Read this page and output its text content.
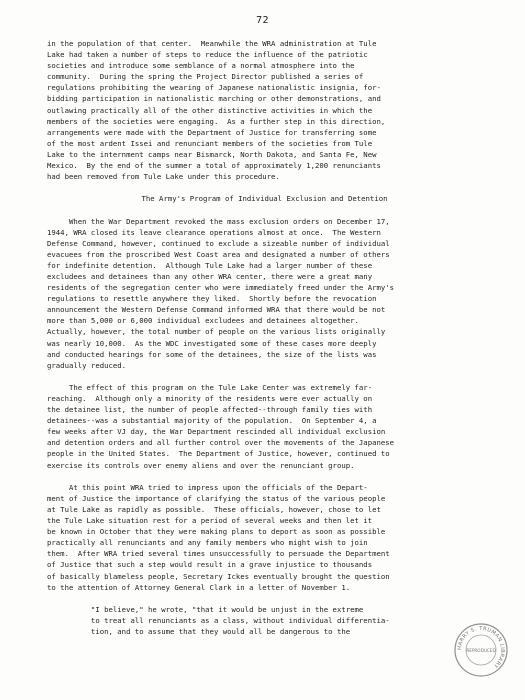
72
in the population of that center.  Meanwhile the WRA administration at Tule
Lake had taken a number of steps to reduce the influence of the patriotic
societies and introduce some semblance of a normal atmosphere into the
community.  During the spring the Project Director published a series of
regulations prohibiting the wearing of Japanese nationalistic insignia, for-
bidding participation in nationalistic marching or other demonstrations, and
outlawing practically all of the other distinctive activities in which the
members of the societies were engaging.  As a further step in this direction,
arrangements were made with the Department of Justice for transferring some
of the most ardent Issei and renunciant members of the societies from Tule
Lake to the internment camps near Bismarck, North Dakota, and Santa Fe, New
Mexico.  By the end of the summer a total of approximately 1,200 renunciants
had been removed from Tule Lake under this procedure.
The Army's Program of Individual Exclusion and Detention
When the War Department revoked the mass exclusion orders on December 17,
1944, WRA closed its leave clearance operations almost at once.  The Western
Defense Command, however, continued to exclude a sizeable number of individual
evacuees from the proscribed West Coast area and designated a number of others
for indefinite detention.  Although Tule Lake had a larger number of these
excludees and detainees than any other WRA center, there were a great many
residents of the segregation center who were immediately freed under the Army's
regulations to resettle anywhere they liked.  Shortly before the revocation
announcement the Western Defense Command informed WRA that there would be not
more than 5,000 or 6,000 individual excludees and detainees altogether.
Actually, however, the total number of people on the various lists originally
was nearly 10,000.  As the WDC investigated some of these cases more deeply
and conducted hearings for some of the detainees, the size of the lists was
gradually reduced.
The effect of this program on the Tule Lake Center was extremely far-
reaching.  Although only a minority of the residents were ever actually on
the detainee list, the number of people affected--through family ties with
detainees--was a substantial majority of the population.  On September 4, a
few weeks after VJ day, the War Department rescinded all individual exclusion
and detention orders and all further control over the movements of the Japanese
people in the United States.  The Department of Justice, however, continued to
exercise its controls over enemy aliens and over the renunciant group.
At this point WRA tried to impress upon the officials of the Depart-
ment of Justice the importance of clarifying the status of the various people
at Tule Lake as rapidly as possible.  These officials, however, chose to let
the Tule Lake situation rest for a period of several weeks and then let it
be known in October that they were making plans to deport as soon as possible
practically all renunciants and any family members who might wish to join
them.  After WRA tried several times unsuccessfully to persuade the Department
of Justice that such a step would result in a grave injustice to thousands
of basically blameless people, Secretary Ickes eventually brought the question
to the attention of Attorney General Clark in a letter of November 1.
"I believe," he wrote, "that it would be unjust in the extreme
to treat all renunciants as a class, without individual differentia-
tion, and to assume that they would all be dangerous to the
HARRY S. TRUMAN LIBRARY
REPRODUCED
